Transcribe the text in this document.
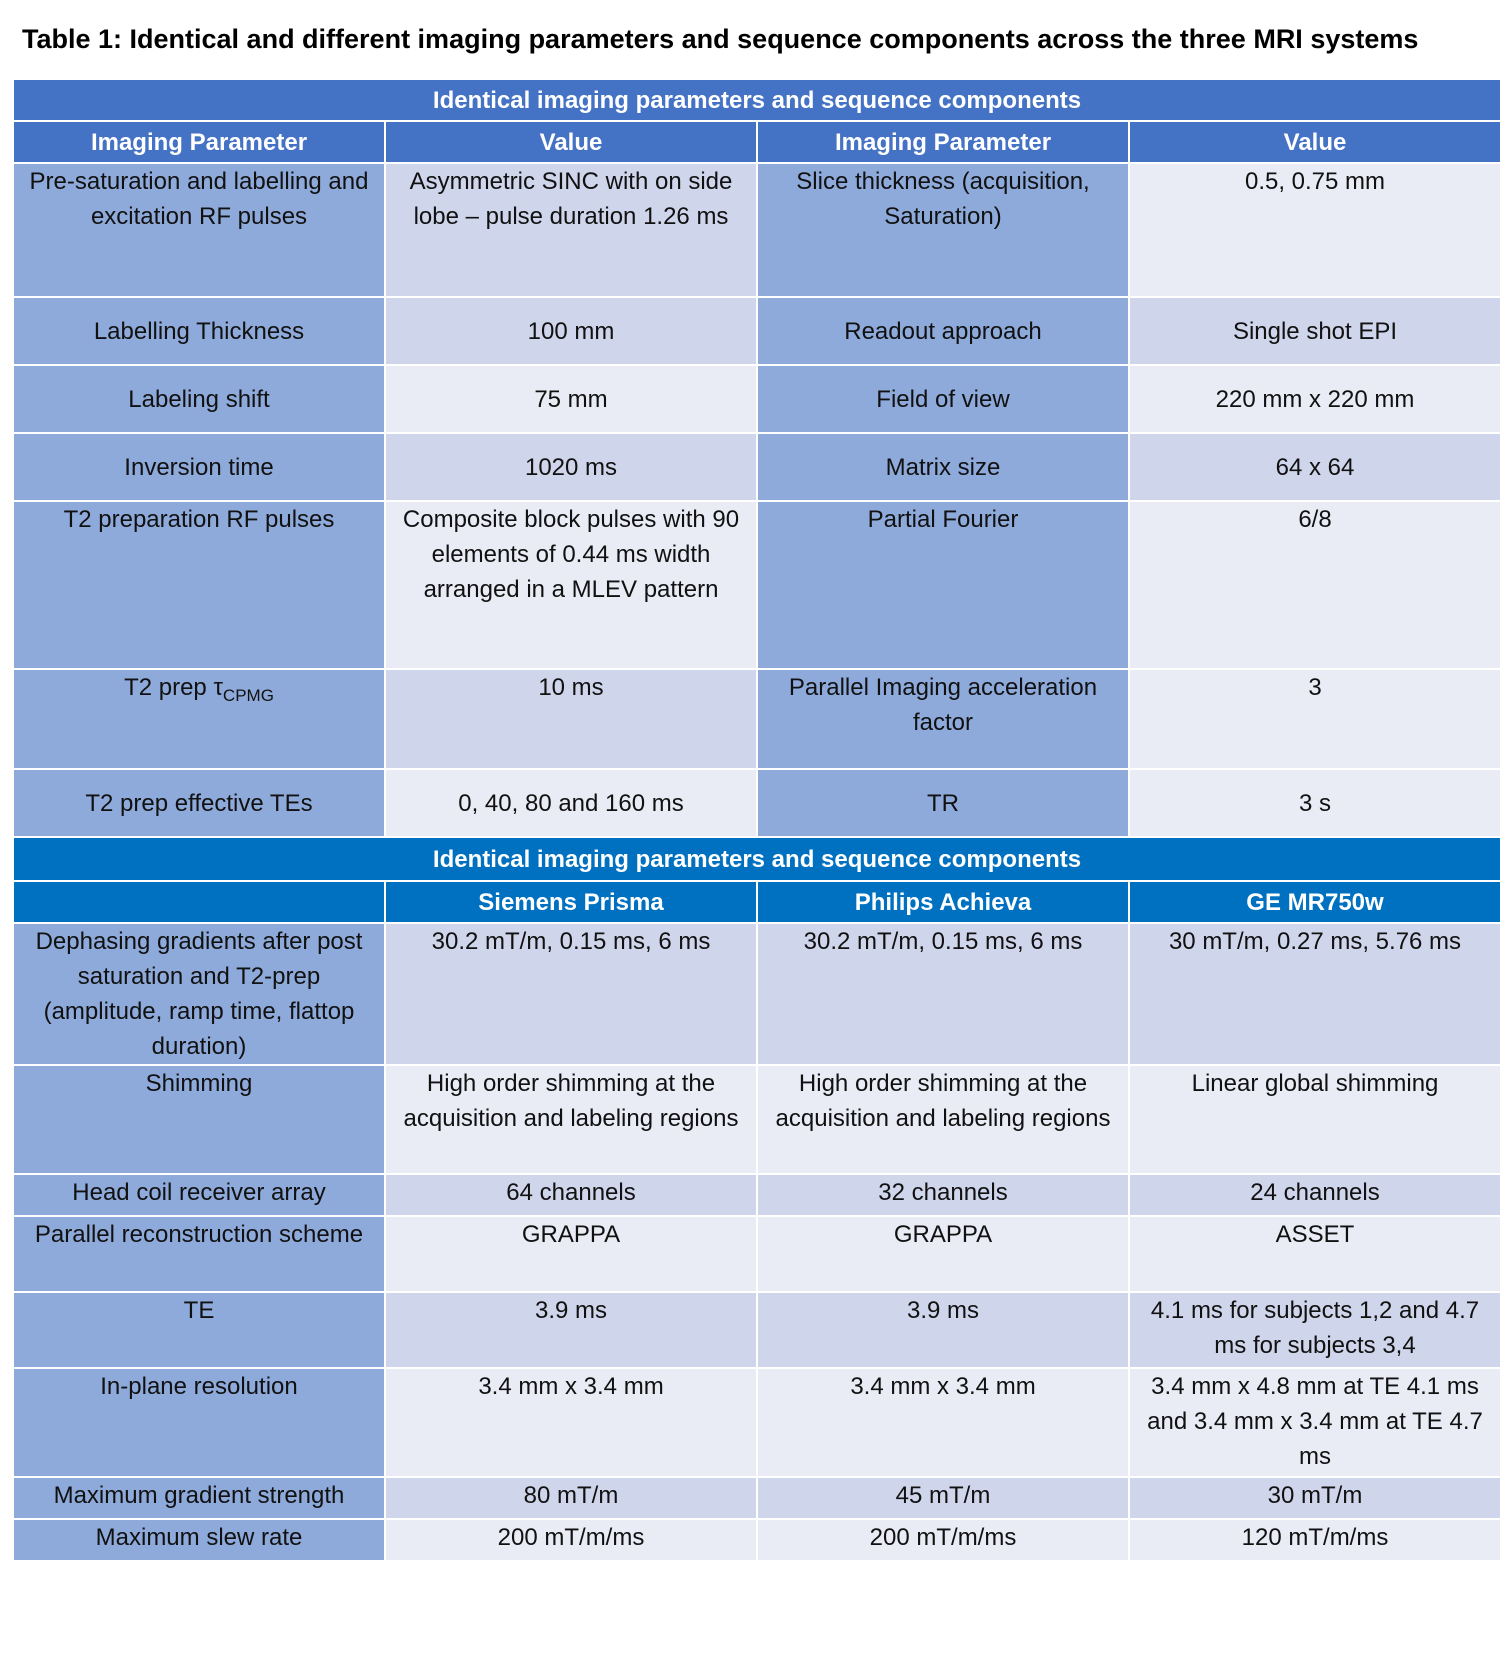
Table 1: Identical and different imaging parameters and sequence components across the three MRI systems
Identical imaging parameters and sequence components			
Imaging Parameter	Value	Imaging Parameter	Value
Pre-saturation and labelling and excitation RF pulses	Asymmetric SINC with on side lobe – pulse duration 1.26 ms	Slice thickness (acquisition, Saturation)	0.5, 0.75 mm
Labelling Thickness	100 mm	Readout approach	Single shot EPI
Labeling shift	75 mm	Field of view	220 mm x 220 mm
Inversion time	1020 ms	Matrix size	64 x 64
T2 preparation RF pulses	Composite block pulses with 90 elements of 0.44 ms width arranged in a MLEV pattern	Partial Fourier	6/8
T2 prep $\tau_{CPMG}$	10 ms	Parallel Imaging acceleration factor	3
T2 prep effective TEs	0, 40, 80 and 160 ms	TR	3 s
Identical imaging parameters and sequence components			
	Siemens Prisma	Philips Achieva	GE MR750w
Dephasing gradients after post saturation and T2-prep (amplitude, ramp time, flattop duration)	30.2 mT/m, 0.15 ms, 6 ms	30.2 mT/m, 0.15 ms, 6 ms	30 mT/m, 0.27 ms, 5.76 ms
Shimming	High order shimming at the acquisition and labeling regions	High order shimming at the acquisition and labeling regions	Linear global shimming
Head coil receiver array	64 channels	32 channels	24 channels
Parallel reconstruction scheme	GRAPPA	GRAPPA	ASSET
TE	3.9 ms	3.9 ms	4.1 ms for subjects 1,2 and 4.7 ms for subjects 3,4
In-plane resolution	3.4 mm x 3.4 mm	3.4 mm x 3.4 mm	3.4 mm x 4.8 mm at TE 4.1 ms and 3.4 mm x 3.4 mm at TE 4.7 ms
Maximum gradient strength	80 mT/m	45 mT/m	30 mT/m
Maximum slew rate	200 mT/m/ms	200 mT/m/ms	120 mT/m/ms
